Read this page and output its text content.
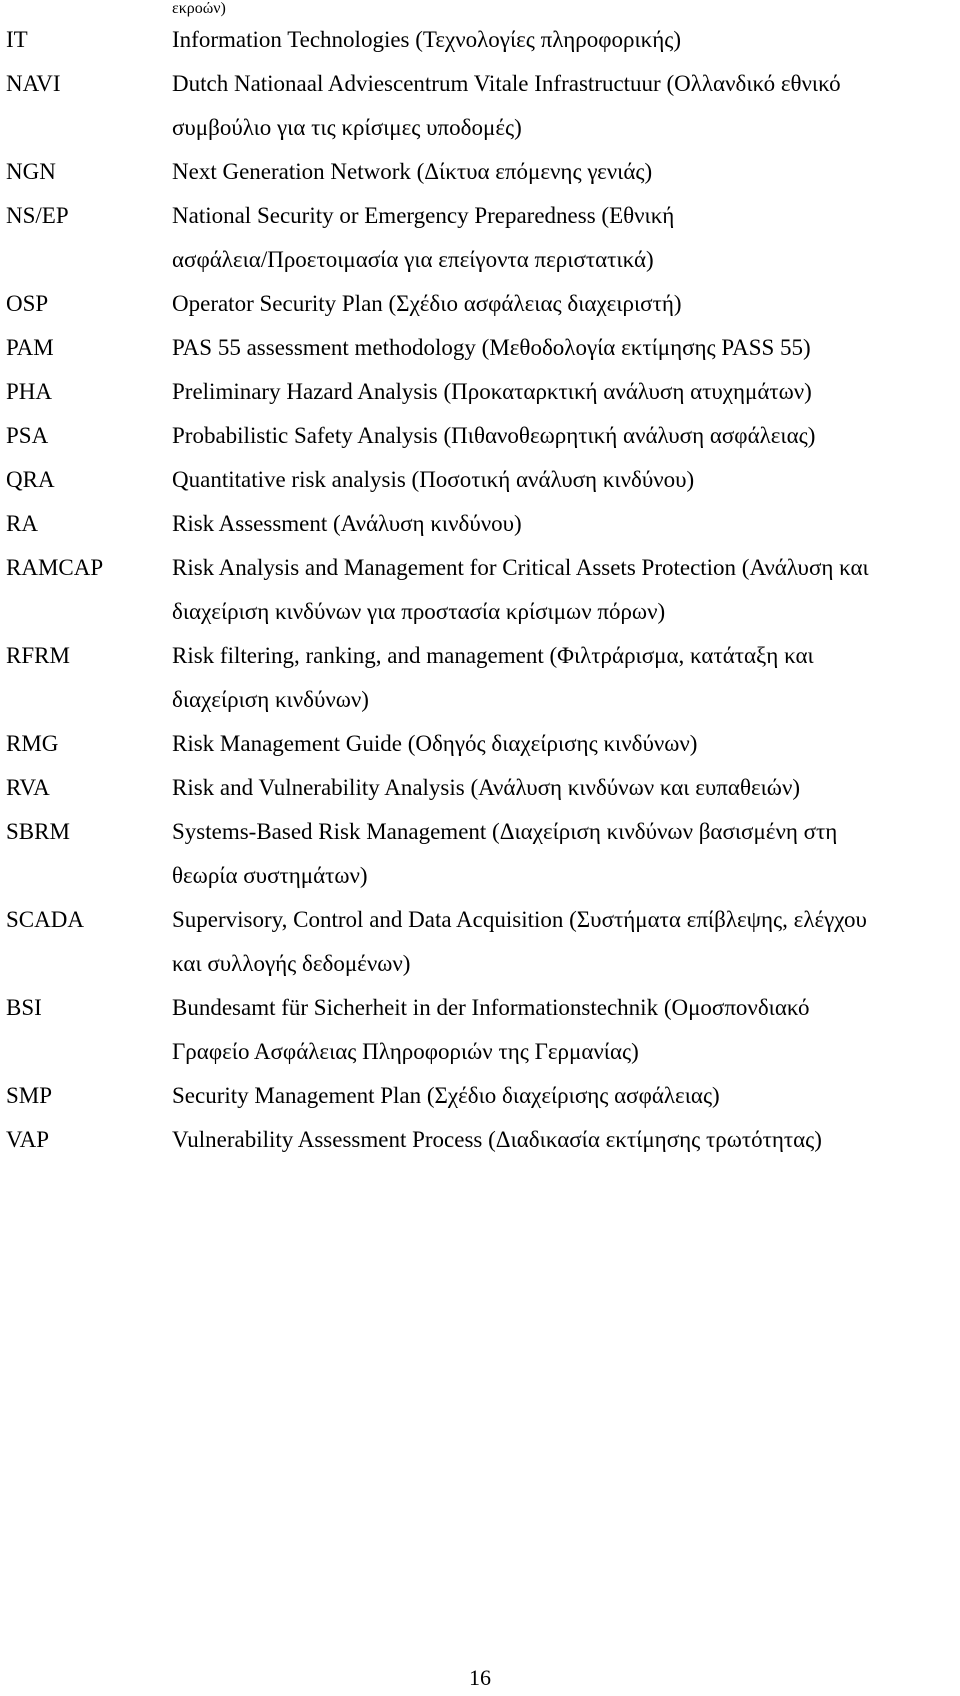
εκροών)
IT	Information Technologies (Τεχνολογίες πληροφορικής)
NAVI	Dutch Nationaal Adviescentrum Vitale Infrastructuur (Ολλανδικό εθνικό
συμβούλιο για τις κρίσιμες υποδομές)
NGN	Next Generation Network (Δίκτυα επόμενης γενιάς)
NS/EP	National Security or Emergency Preparedness (Εθνική
ασφάλεια/Προετοιμασία για επείγοντα περιστατικά)
OSP	Operator Security Plan (Σχέδιο ασφάλειας διαχειριστή)
PAM	PAS 55 assessment methodology (Μεθοδολογία εκτίμησης PASS 55)
PHA	Preliminary Hazard Analysis (Προκαταρκτική ανάλυση ατυχημάτων)
PSA	Probabilistic Safety Analysis (Πιθανοθεωρητική ανάλυση ασφάλειας)
QRA	Quantitative risk analysis (Ποσοτική ανάλυση κινδύνου)
RA	Risk Assessment (Ανάλυση κινδύνου)
RAMCAP	Risk Analysis and Management for Critical Assets Protection (Ανάλυση και
διαχείριση κινδύνων για προστασία κρίσιμων πόρων)
RFRM	Risk filtering, ranking, and management (Φιλτράρισμα, κατάταξη και
διαχείριση κινδύνων)
RMG	Risk Management Guide (Οδηγός διαχείρισης κινδύνων)
RVA	Risk and Vulnerability Analysis (Ανάλυση κινδύνων και ευπαθειών)
SBRM	Systems-Based Risk Management (Διαχείριση κινδύνων βασισμένη στη
θεωρία συστημάτων)
SCADA	Supervisory, Control and Data Acquisition (Συστήματα επίβλεψης, ελέγχου
και συλλογής δεδομένων)
BSI	Bundesamt für Sicherheit in der Informationstechnik (Ομοσπονδιακό
Γραφείο Ασφάλειας Πληροφοριών της Γερμανίας)
SMP	Security Management Plan (Σχέδιο διαχείρισης ασφάλειας)
VAP	Vulnerability Assessment Process (Διαδικασία εκτίμησης τρωτότητας)
16
